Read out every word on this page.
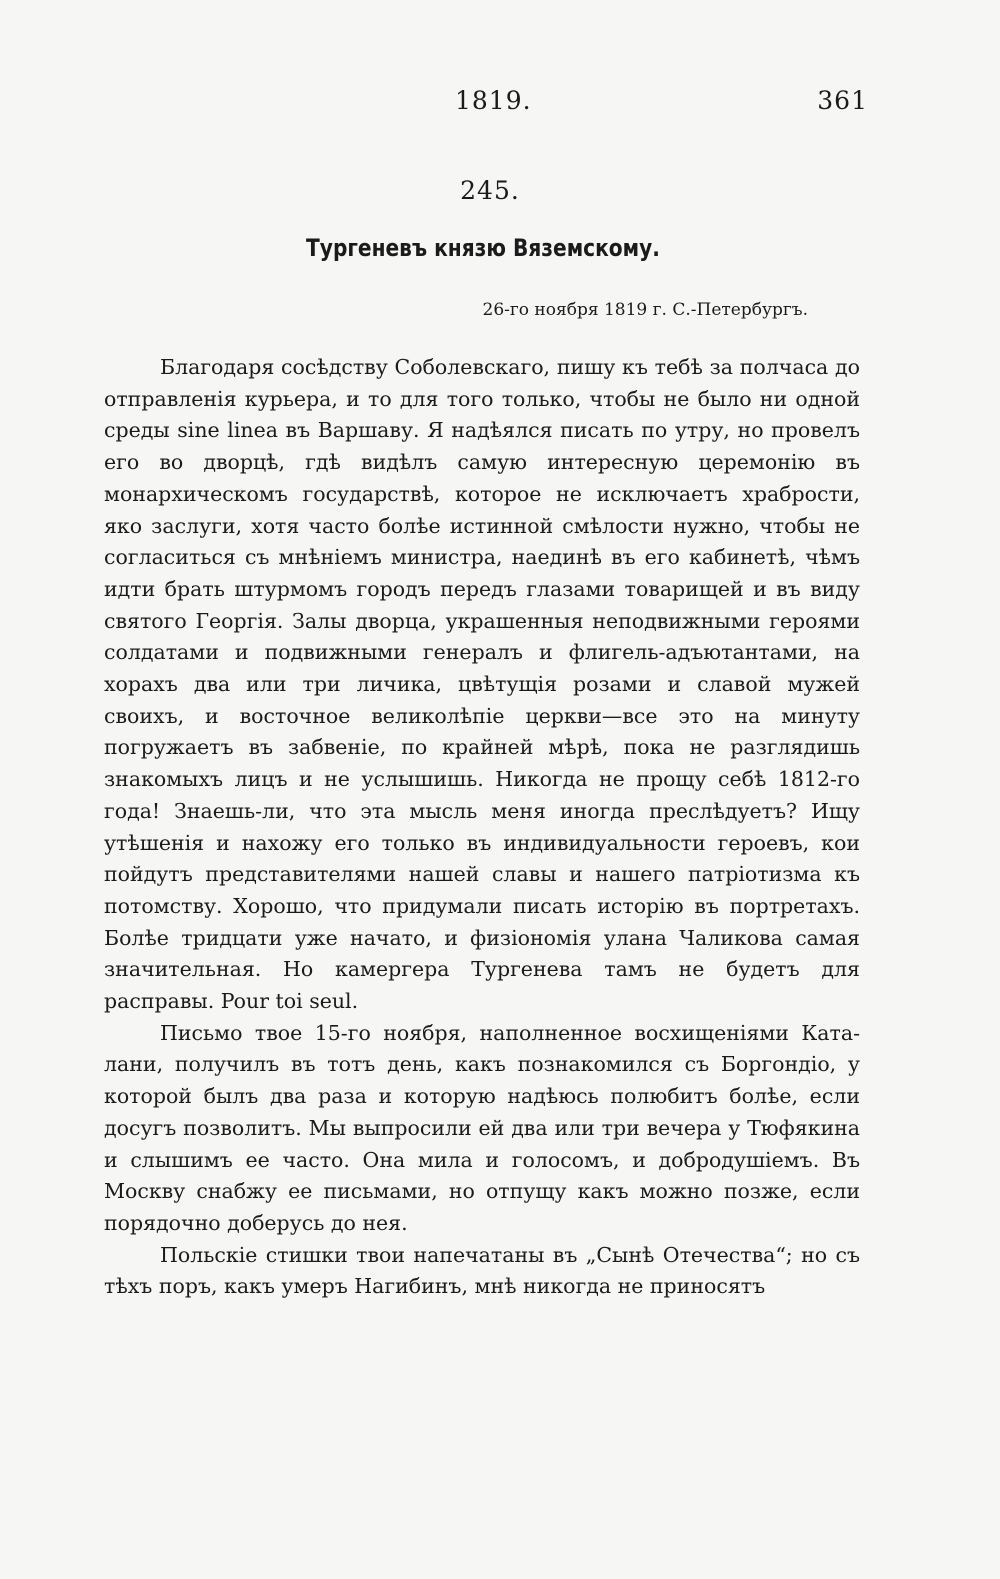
1819.	361
245.
Тургеневъ князю Вяземскому.
26-го ноября 1819 г. С.-Петербургъ.

Благодаря сосѣдству Соболевскаго, пишу къ тебѣ за полчаса до отправленія курьера, и то для того только, чтобы не было ни одной среды sine linea въ Варшаву. Я надѣялся писать по утру, но провелъ его во дворцѣ, гдѣ видѣлъ самую интересную церемонію въ монархическомъ государствѣ, которое не исключаетъ храбрости, яко заслуги, хотя часто болѣе истинной смѣлости нужно, чтобы не согласиться съ мнѣніемъ министра, наединѣ въ его кабинетѣ, чѣмъ идти брать штурмомъ городъ передъ глазами товарищей и въ виду святого Георгія. Залы дворца, украшенныя неподвижными героями солдатами и подвижными генералъ и флигель-адъютантами, на хорахъ два или три личика, цвѣтущія розами и славой мужей своихъ, и восточное великолѣпіе церкви—все это на минуту погружаетъ въ забвеніе, по крайней мѣрѣ, пока не разглядишь знакомыхъ лицъ и не услышишь. Никогда не прощу себѣ 1812-го года! Знаешь-ли, что эта мысль меня иногда преслѣдуетъ? Ищу утѣшенія и нахожу его только въ индивидуальности героевъ, кои пойдутъ представителями нашей славы и нашего патріотизма къ потомству. Хорошо, что придумали писать исторію въ портретахъ. Болѣе тридцати уже начато, и физіономія улана Чаликова самая значительная. Но камергера Тургенева тамъ не будетъ для расправы. Pour toi seul.

Письмо твое 15-го ноября, наполненное восхищеніями Каталани, получилъ въ тотъ день, какъ познакомился съ Боргондіо, у которой былъ два раза и которую надѣюсь полюбитъ болѣе, если досугъ позволитъ. Мы выпросили ей два или три вечера у Тюфякина и слышимъ ее часто. Она мила и голосомъ, и добродушіемъ. Въ Москву снабжу ее письмами, но отпущу какъ можно позже, если порядочно доберусь до нея.

Польскіе стишки твои напечатаны въ „Сынѣ Отечества“; но съ тѣхъ поръ, какъ умеръ Нагибинъ, мнѣ никогда не приносятъ
